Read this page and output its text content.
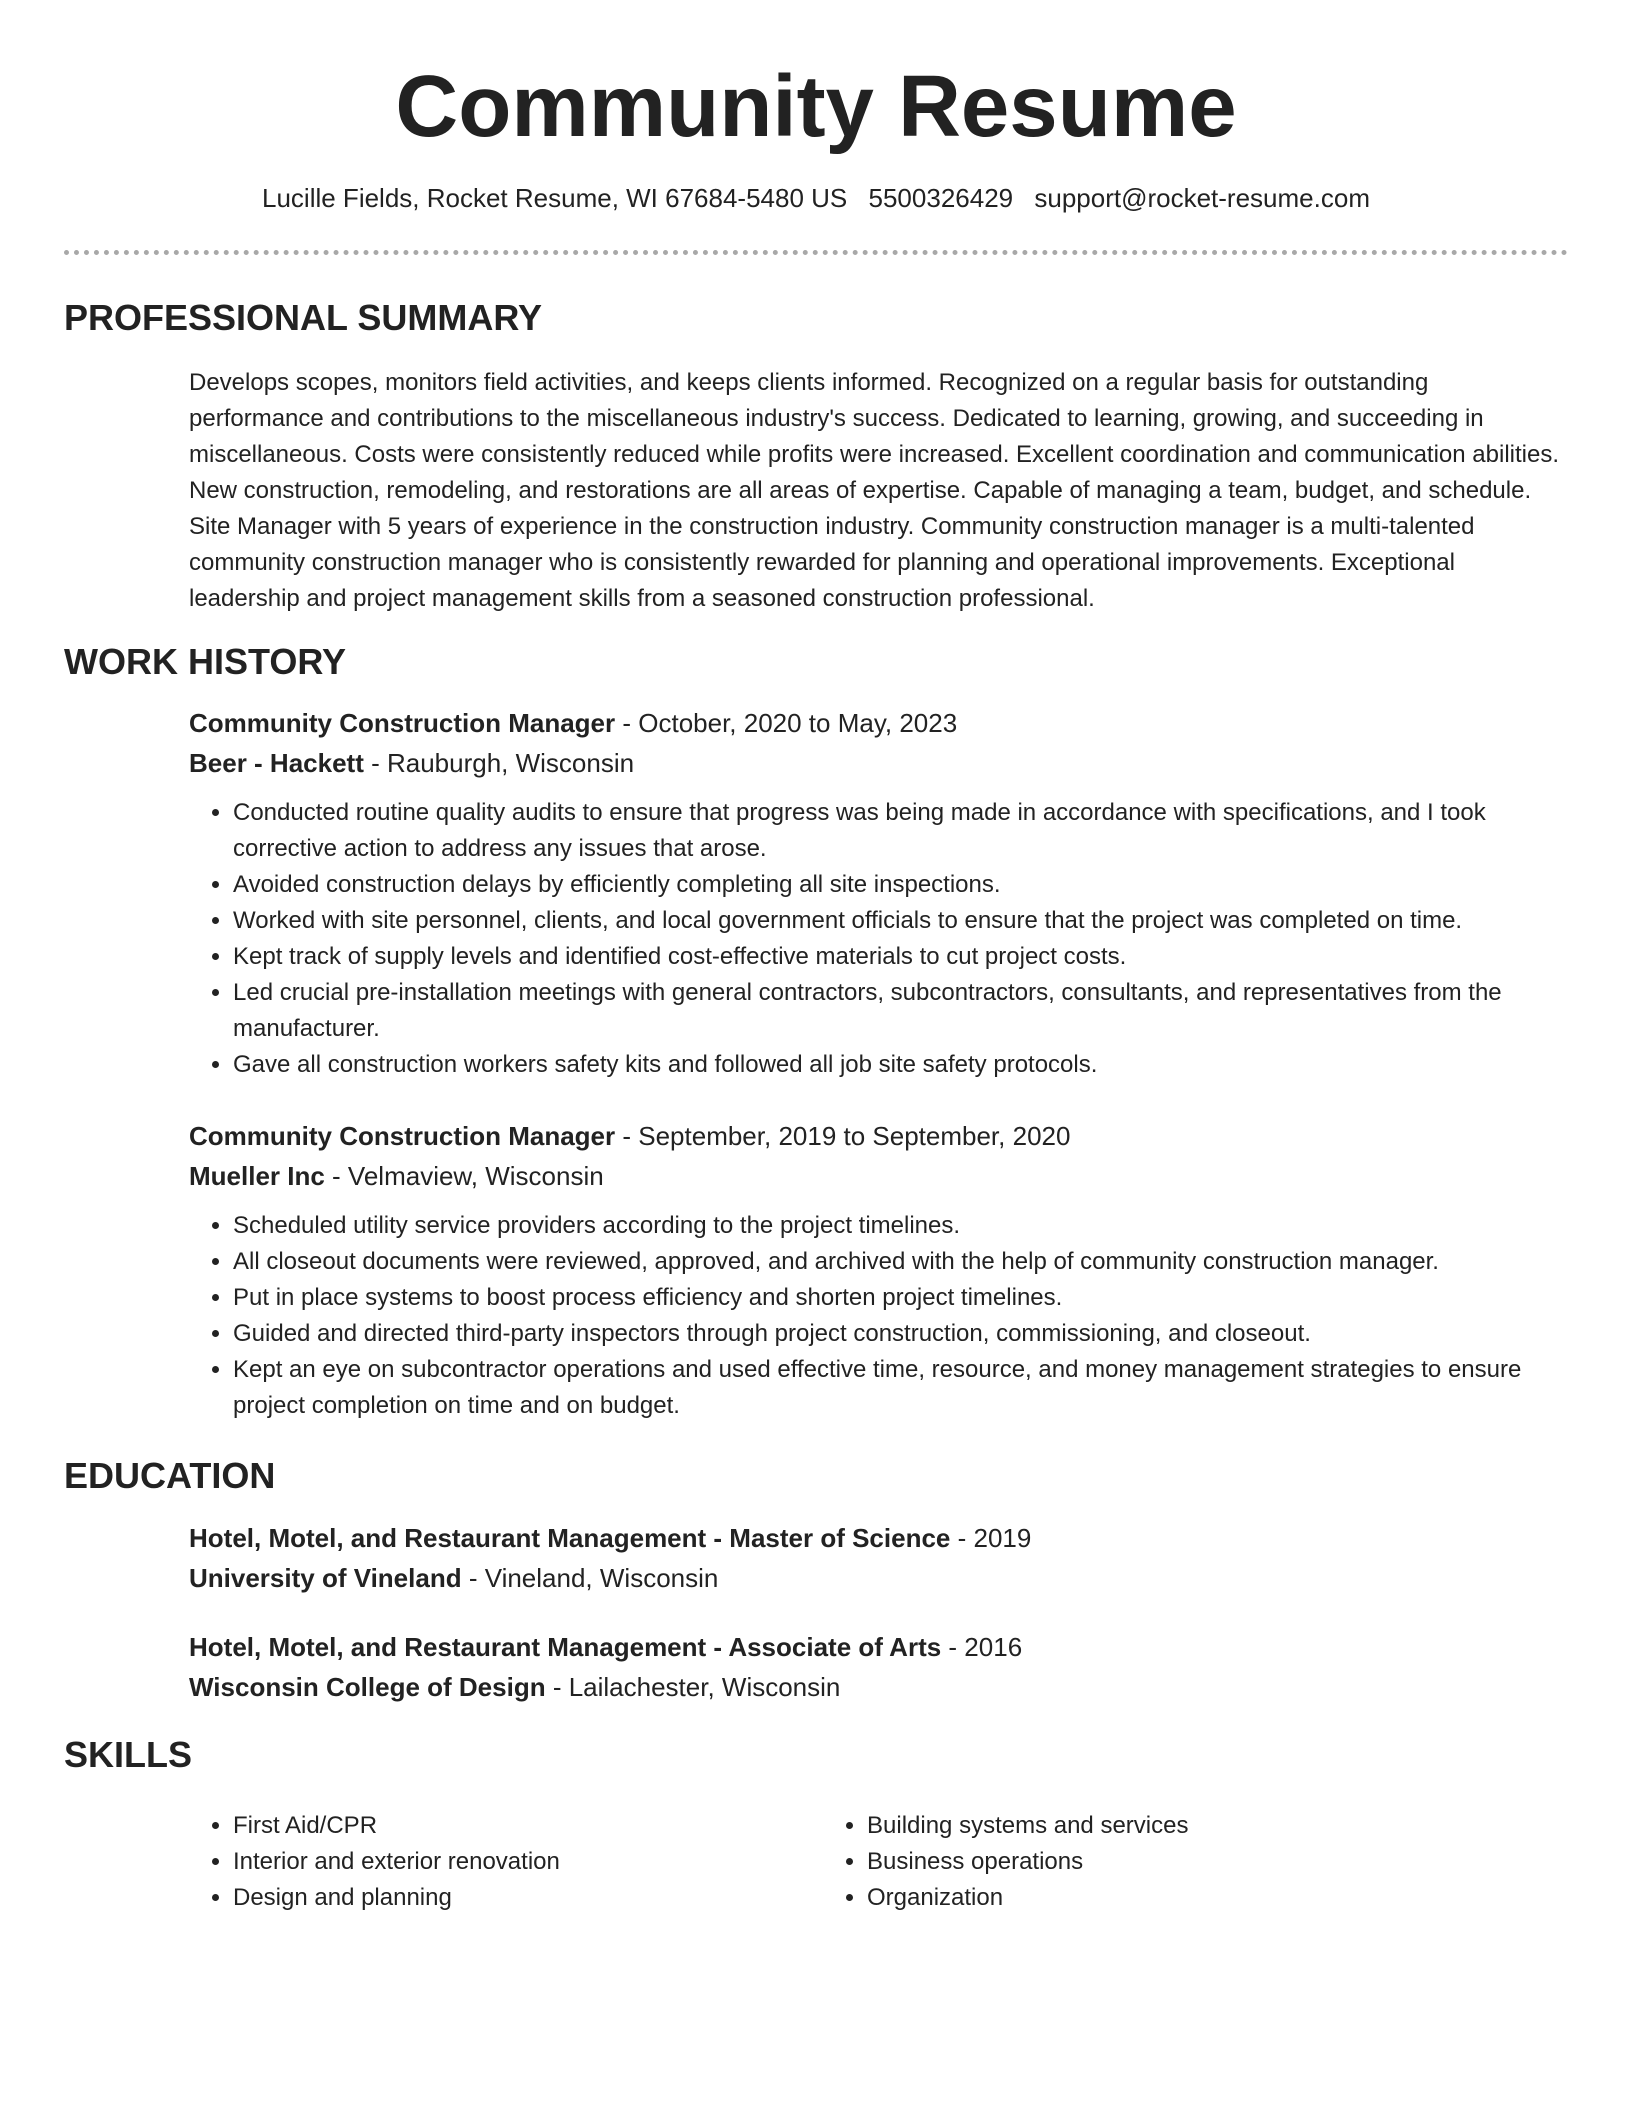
Community Resume
Lucille Fields, Rocket Resume, WI 67684-5480 US 5500326429 support@rocket-resume.com
PROFESSIONAL SUMMARY
Develops scopes, monitors field activities, and keeps clients informed. Recognized on a regular basis for outstanding performance and contributions to the miscellaneous industry's success. Dedicated to learning, growing, and succeeding in miscellaneous. Costs were consistently reduced while profits were increased. Excellent coordination and communication abilities. New construction, remodeling, and restorations are all areas of expertise. Capable of managing a team, budget, and schedule. Site Manager with 5 years of experience in the construction industry. Community construction manager is a multi-talented community construction manager who is consistently rewarded for planning and operational improvements. Exceptional leadership and project management skills from a seasoned construction professional.
WORK HISTORY
Community Construction Manager - October, 2020 to May, 2023
Beer - Hackett - Rauburgh, Wisconsin
• Conducted routine quality audits to ensure that progress was being made in accordance with specifications, and I took corrective action to address any issues that arose.
• Avoided construction delays by efficiently completing all site inspections.
• Worked with site personnel, clients, and local government officials to ensure that the project was completed on time.
• Kept track of supply levels and identified cost-effective materials to cut project costs.
• Led crucial pre-installation meetings with general contractors, subcontractors, consultants, and representatives from the manufacturer.
• Gave all construction workers safety kits and followed all job site safety protocols.
Community Construction Manager - September, 2019 to September, 2020
Mueller Inc - Velmaview, Wisconsin
• Scheduled utility service providers according to the project timelines.
• All closeout documents were reviewed, approved, and archived with the help of community construction manager.
• Put in place systems to boost process efficiency and shorten project timelines.
• Guided and directed third-party inspectors through project construction, commissioning, and closeout.
• Kept an eye on subcontractor operations and used effective time, resource, and money management strategies to ensure project completion on time and on budget.
EDUCATION
Hotel, Motel, and Restaurant Management - Master of Science - 2019
University of Vineland - Vineland, Wisconsin
Hotel, Motel, and Restaurant Management - Associate of Arts - 2016
Wisconsin College of Design - Lailachester, Wisconsin
SKILLS
• First Aid/CPR
• Interior and exterior renovation
• Design and planning
• Building systems and services
• Business operations
• Organization
